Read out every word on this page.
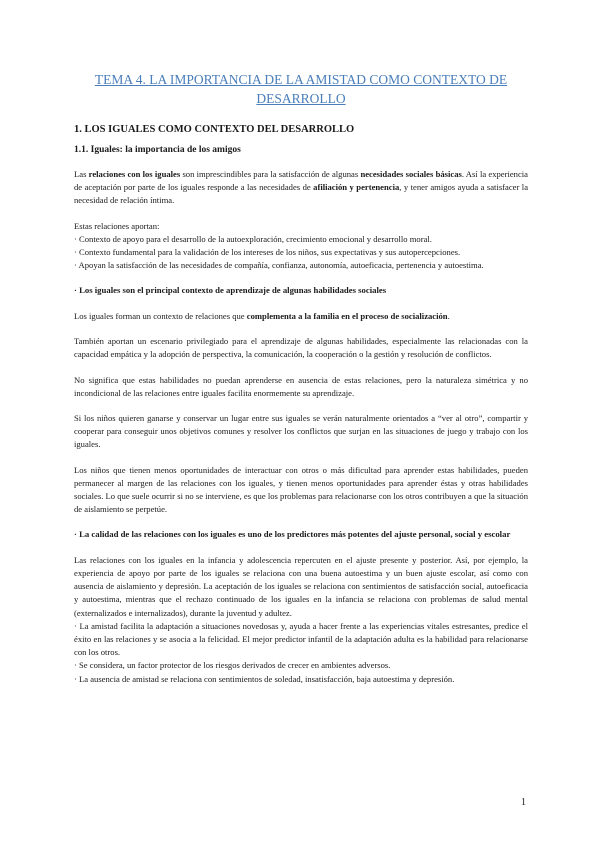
TEMA 4. LA IMPORTANCIA DE LA AMISTAD COMO CONTEXTO DE DESARROLLO
1. LOS IGUALES COMO CONTEXTO DEL DESARROLLO
1.1. Iguales: la importancia de los amigos

Las relaciones con los iguales son imprescindibles para la satisfacción de algunas necesidades sociales básicas. Así la experiencia de aceptación por parte de los iguales responde a las necesidades de afiliación y pertenencia, y tener amigos ayuda a satisfacer la necesidad de relación íntima.

Estas relaciones aportan:

· Contexto de apoyo para el desarrollo de la autoexploración, crecimiento emocional y desarrollo moral.

· Contexto fundamental para la validación de los intereses de los niños, sus expectativas y sus autopercepciones.

· Apoyan la satisfacción de las necesidades de compañía, confianza, autonomía, autoeficacia, pertenencia y autoestima.

· Los iguales son el principal contexto de aprendizaje de algunas habilidades sociales

Los iguales forman un contexto de relaciones que complementa a la familia en el proceso de socialización.

También aportan un escenario privilegiado para el aprendizaje de algunas habilidades, especialmente las relacionadas con la capacidad empática y la adopción de perspectiva, la comunicación, la cooperación o la gestión y resolución de conflictos.

No significa que estas habilidades no puedan aprenderse en ausencia de estas relaciones, pero la naturaleza simétrica y no incondicional de las relaciones entre iguales facilita enormemente su aprendizaje.

Si los niños quieren ganarse y conservar un lugar entre sus iguales se verán naturalmente orientados a “ver al otro”, compartir y cooperar para conseguir unos objetivos comunes y resolver los conflictos que surjan en las situaciones de juego y trabajo con los iguales.

Los niños que tienen menos oportunidades de interactuar con otros o más dificultad para aprender estas habilidades, pueden permanecer al margen de las relaciones con los iguales, y tienen menos oportunidades para aprender éstas y otras habilidades sociales. Lo que suele ocurrir si no se interviene, es que los problemas para relacionarse con los otros contribuyen a que la situación de aislamiento se perpetúe.

· La calidad de las relaciones con los iguales es uno de los predictores más potentes del ajuste personal, social y escolar

Las relaciones con los iguales en la infancia y adolescencia repercuten en el ajuste presente y posterior. Así, por ejemplo, la experiencia de apoyo por parte de los iguales se relaciona con una buena autoestima y un buen ajuste escolar, así como con ausencia de aislamiento y depresión. La aceptación de los iguales se relaciona con sentimientos de satisfacción social, autoeficacia y autoestima, mientras que el rechazo continuado de los iguales en la infancia se relaciona con problemas de salud mental (externalizados e internalizados), durante la juventud y adultez.

· La amistad facilita la adaptación a situaciones novedosas y, ayuda a hacer frente a las experiencias vitales estresantes, predice el éxito en las relaciones y se asocia a la felicidad. El mejor predictor infantil de la adaptación adulta es la habilidad para relacionarse con los otros.

· Se considera, un factor protector de los riesgos derivados de crecer en ambientes adversos.

· La ausencia de amistad se relaciona con sentimientos de soledad, insatisfacción, baja autoestima y depresión.

1
